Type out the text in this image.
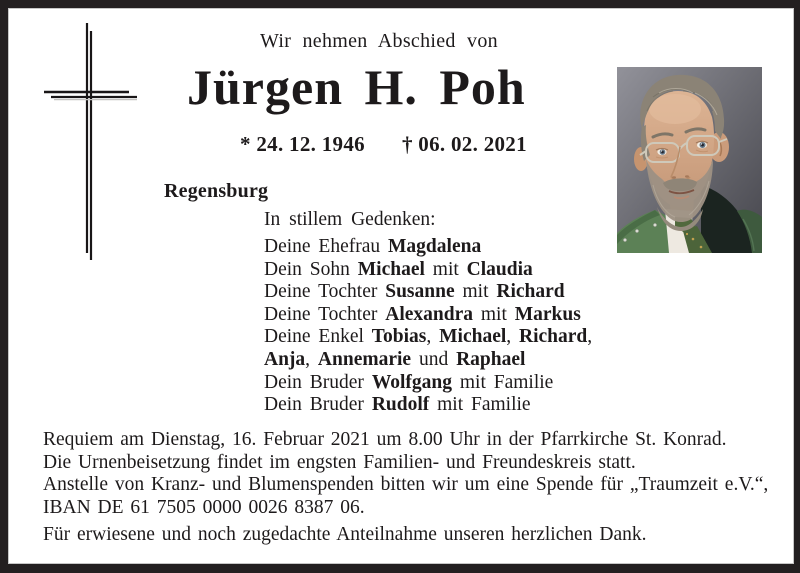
Wir nehmen Abschied von
Jürgen H. Poh
* 24. 12. 1946 † 06. 02. 2021
Regensburg
In stillem Gedenken:
Deine Ehefrau Magdalena
Dein Sohn Michael mit Claudia
Deine Tochter Susanne mit Richard
Deine Tochter Alexandra mit Markus
Deine Enkel Tobias, Michael, Richard,
Anja, Annemarie und Raphael
Dein Bruder Wolfgang mit Familie
Dein Bruder Rudolf mit Familie
Requiem am Dienstag, 16. Februar 2021 um 8.00 Uhr in der Pfarrkirche St. Konrad.
Die Urnenbeisetzung findet im engsten Familien- und Freundeskreis statt.
Anstelle von Kranz- und Blumenspenden bitten wir um eine Spende für „Traumzeit e.V.“,
IBAN DE 61 7505 0000 0026 8387 06.
Für erwiesene und noch zugedachte Anteilnahme unseren herzlichen Dank.
